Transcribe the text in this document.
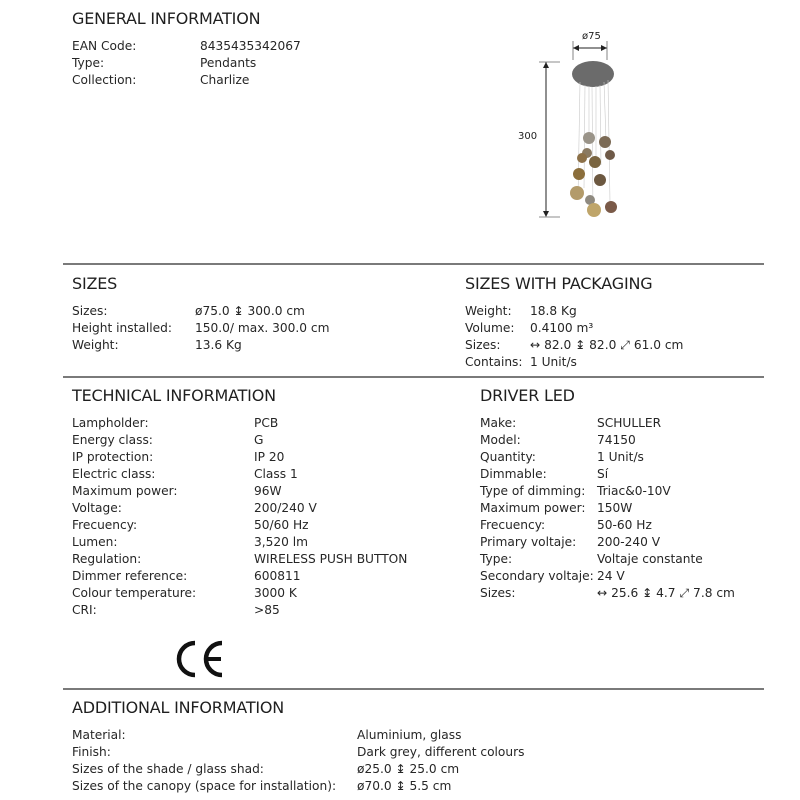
GENERAL INFORMATION
EAN Code:	8435435342067
Type:	Pendants
Collection:	Charlize
ø75
300
SIZES
Sizes:	ø75.0 ↨ 300.0 cm
Height installed: 150.0/ max. 300.0 cm
Weight:	13.6 Kg
SIZES WITH PACKAGING
Weight: 18.8 Kg
Volume: 0.4100 m³
Sizes: ↔ 82.0 ↨ 82.0 ⤢ 61.0 cm
Contains: 1 Unit/s
TECHNICAL INFORMATION
Lampholder:	PCB
Energy class:	G
IP protection:	IP 20
Electric class:	Class 1
Maximum power:	96W
Voltage:	200/240 V
Frecuency:	50/60 Hz
Lumen:	3,520 lm
Regulation:	WIRELESS PUSH BUTTON
Dimmer reference:	600811
Colour temperature:	3000 K
CRI:	>85
DRIVER LED
Make:	SCHULLER
Model:	74150
Quantity:	1 Unit/s
Dimmable:	Sí
Type of dimming: Triac&0-10V
Maximum power: 150W
Frecuency:	50-60 Hz
Primary voltaje: 200-240 V
Type:	Voltaje constante
Secondary voltaje: 24 V
Sizes:	↔ 25.6 ↨ 4.7 ⤢ 7.8 cm
ADDITIONAL INFORMATION
Material:	Aluminium, glass
Finish:	Dark grey, different colours
Sizes of the shade / glass shad:	ø25.0 ↨ 25.0 cm
Sizes of the canopy (space for installation): ø70.0 ↨ 5.5 cm
